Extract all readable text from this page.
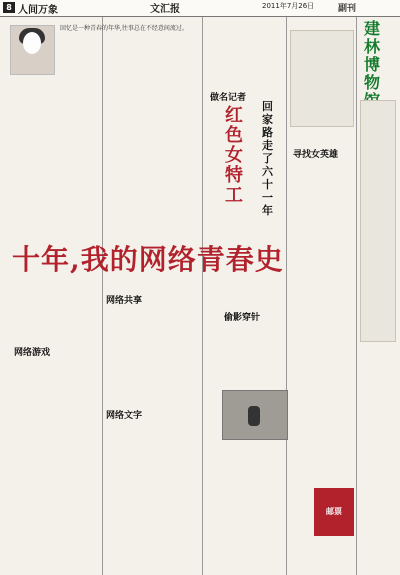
8 人间万象	文汇报	2011年7月26日	副刊
回忆是一种青春的年华,往事总在不经意间流过。
十年,我的网络青春史
网络游戏
网络共享
网络文字
做名记者
偷影穿针
寻找女英雄
红色女特工
回家路走了六十一年
建林博物
邮票
